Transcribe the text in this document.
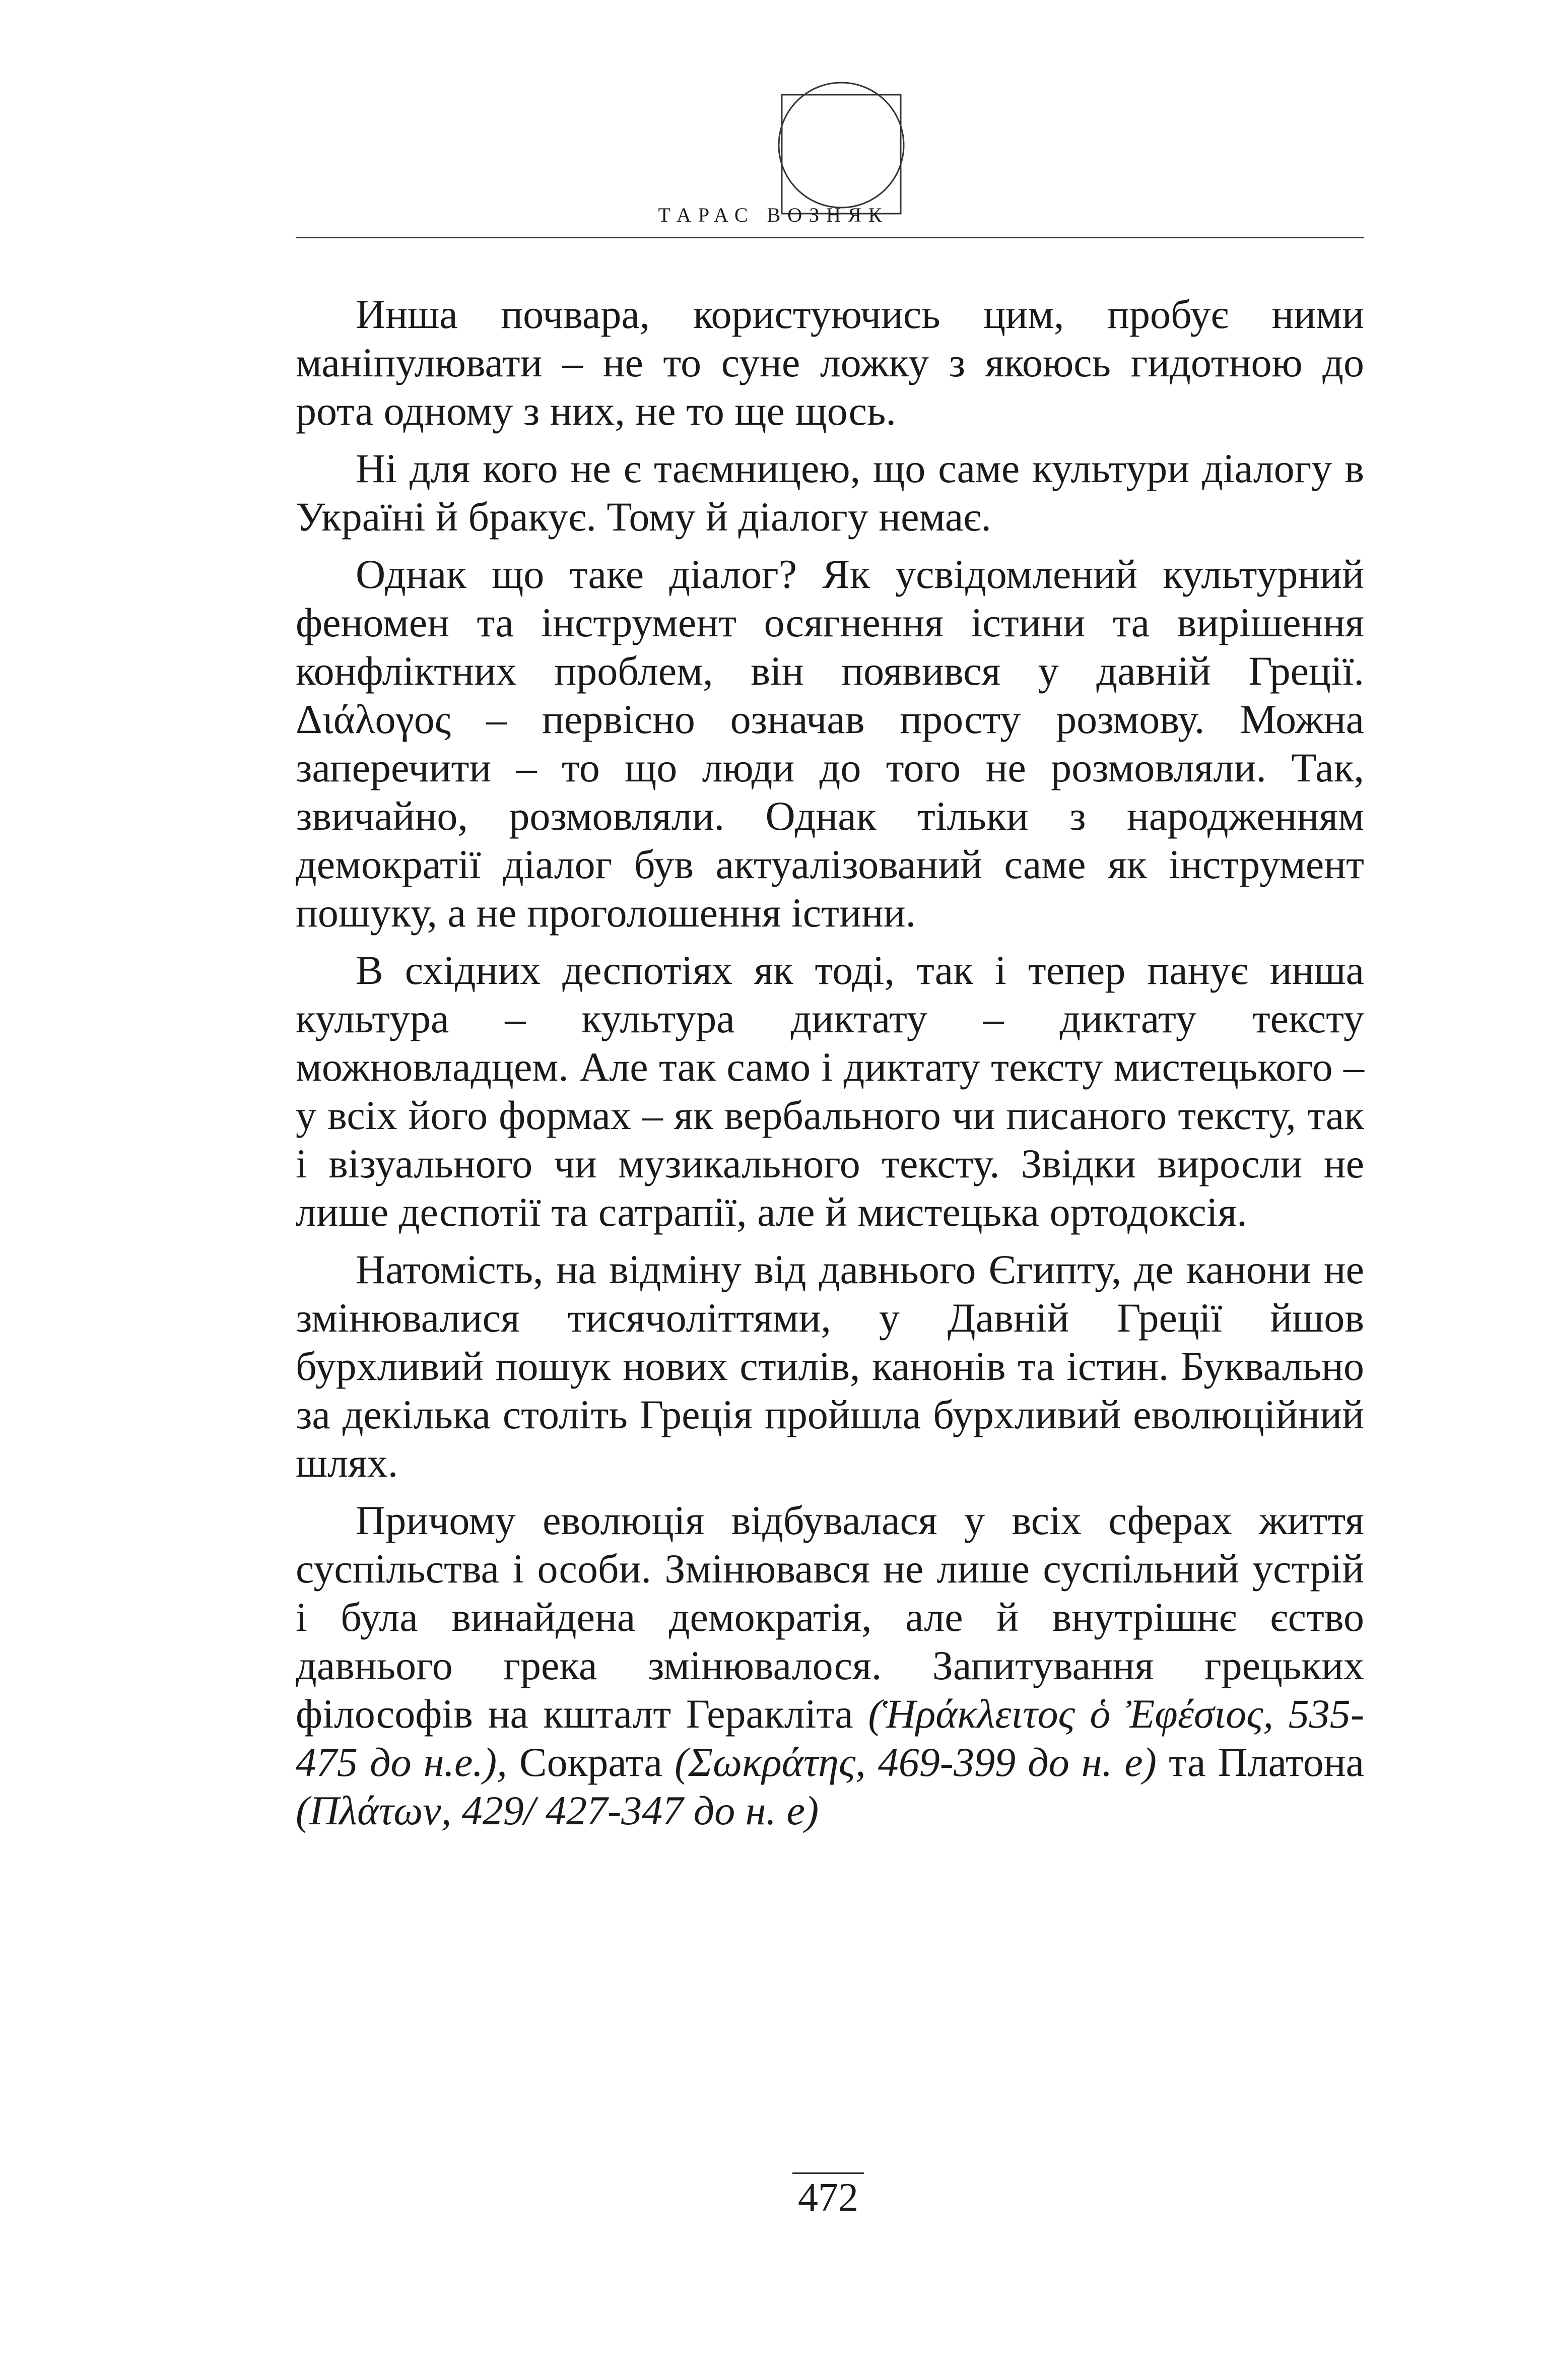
ТАРАС ВОЗНЯК

Инша почвара, користуючись цим, пробує ними маніпулювати – не то суне ложку з якоюсь гидотною до рота одному з них, не то ще щось.

Ні для кого не є таємницею, що саме культури діалогу в Україні й бракує. Тому й діалогу немає.

Однак що таке діалог? Як усвідомлений культурний феномен та інструмент осягнення істини та вирішення конфліктних проблем, він появився у давній Греції. Διάλογος – первісно означав просту розмову. Можна заперечити – то що люди до того не розмовляли. Так, звичайно, розмовляли. Однак тільки з народженням демократії діалог був актуалізований саме як інструмент пошуку, а не проголошення істини.

В східних деспотіях як тоді, так і тепер панує инша культура – культура диктату – диктату тексту можновладцем. Але так само і диктату тексту мистецького – у всіх його формах – як вербального чи писаного тексту, так і візуального чи музикального тексту. Звідки виросли не лише деспотії та сатрапії, але й мистецька ортодоксія.

Натомість, на відміну від давнього Єгипту, де канони не змінювалися тисячоліттями, у Давній Греції йшов бурхливий пошук нових стилів, канонів та істин. Буквально за декілька століть Греція пройшла бурхливий еволюційний шлях.

Причому еволюція відбувалася у всіх сферах життя суспільства і особи. Змінювався не лише суспільний устрій і була винайдена демократія, але й внутрішнє єство давнього грека змінювалося. Запитування грецьких філософів на кшталт Геракліта (Ἡράκλειτος ὁ Ἐφέσιος, 535-475 до н.е.), Сократа (Σωκράτης, 469-399 до н. е) та Платона (Πλάτων, 429/ 427-347 до н. е)

472
